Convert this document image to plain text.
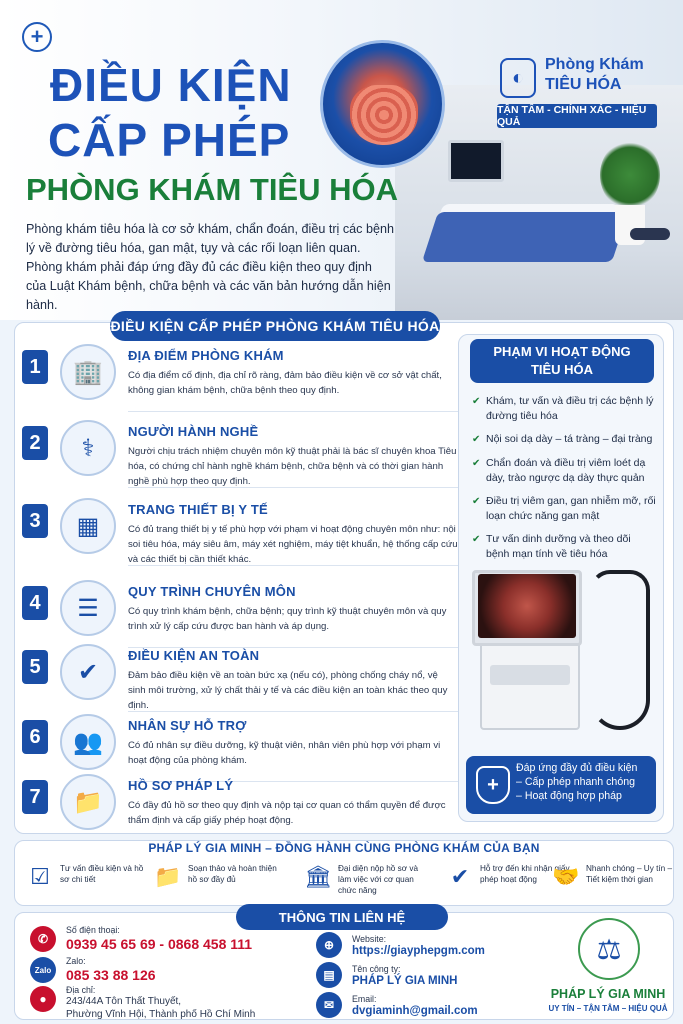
+
ĐIỀU KIỆN
CẤP PHÉP
PHÒNG KHÁM TIÊU HÓA
◐
Phòng Khám
TIÊU HÓA
TẬN TÂM - CHÍNH XÁC - HIỆU QUẢ
Phòng khám tiêu hóa là cơ sở khám, chẩn đoán, điều trị các bệnh lý về đường tiêu hóa, gan mật, tụy và các rối loạn liên quan. Phòng khám phải đáp ứng đầy đủ các điều kiện theo quy định của Luật Khám bệnh, chữa bệnh và các văn bản hướng dẫn hiện hành.
ĐIỀU KIỆN CẤP PHÉP PHÒNG KHÁM TIÊU HÓA
1	🏢
ĐỊA ĐIỂM PHÒNG KHÁM
Có địa điểm cố định, địa chỉ rõ ràng, đảm bảo điều kiện về cơ sở vật chất, không gian khám bệnh, chữa bệnh theo quy định.
2	⚕
NGƯỜI HÀNH NGHỀ
Người chịu trách nhiệm chuyên môn kỹ thuật phải là bác sĩ chuyên khoa Tiêu hóa, có chứng chỉ hành nghề khám bệnh, chữa bệnh và có thời gian hành nghề phù hợp theo quy định.
3	▦
TRANG THIẾT BỊ Y TẾ
Có đủ trang thiết bị y tế phù hợp với phạm vi hoạt động chuyên môn như: nội soi tiêu hóa, máy siêu âm, máy xét nghiệm, máy tiệt khuẩn, hệ thống cấp cứu và các thiết bị cần thiết khác.
4	☰
QUY TRÌNH CHUYÊN MÔN
Có quy trình khám bệnh, chữa bệnh; quy trình kỹ thuật chuyên môn và quy trình xử lý cấp cứu được ban hành và áp dụng.
5	✔
ĐIỀU KIỆN AN TOÀN
Đảm bảo điều kiện về an toàn bức xạ (nếu có), phòng chống cháy nổ, vệ sinh môi trường, xử lý chất thải y tế và các điều kiện an toàn khác theo quy định.
6	👥
NHÂN SỰ HỖ TRỢ
Có đủ nhân sự điều dưỡng, kỹ thuật viên, nhân viên phù hợp với phạm vi hoạt động của phòng khám.
7	📁
HỒ SƠ PHÁP LÝ
Có đầy đủ hồ sơ theo quy định và nộp tại cơ quan có thẩm quyền để được thẩm định và cấp giấy phép hoạt động.
PHẠM VI HOẠT ĐỘNG
TIÊU HÓA
✔ Khám, tư vấn và điều trị các bệnh lý đường tiêu hóa
✔ Nội soi dạ dày – tá tràng – đại tràng
✔ Chẩn đoán và điều trị viêm loét dạ dày, trào ngược dạ dày thực quản
✔ Điều trị viêm gan, gan nhiễm mỡ, rối loạn chức năng gan mật
✔ Tư vấn dinh dưỡng và theo dõi bệnh mạn tính về tiêu hóa
+
Đáp ứng đầy đủ điều kiện
– Cấp phép nhanh chóng
– Hoạt động hợp pháp
PHÁP LÝ GIA MINH – ĐỒNG HÀNH CÙNG PHÒNG KHÁM CỦA BẠN
☑	Tư vấn điều kiện và hồ sơ chi tiết	📁 Soạn thảo và hoàn thiện hồ sơ đầy đủ	🏛 Đại diện nộp hồ sơ và làm việc với cơ quan chức năng
✔	Hỗ trợ đến khi nhận giấy phép hoạt động 🤝 Nhanh chóng – Uy tín – Tiết kiệm thời gian
THÔNG TIN LIÊN HỆ
✆
Số điện thoại:
0939 45 65 69 - 0868 458 111
Zalo
Zalo:
085 33 88 126
●
Địa chỉ:
243/44A Tôn Thất Thuyết,
Phường Vĩnh Hội, Thành phố Hồ Chí Minh
⊕	Website:
https://giayphepgm.com
▤	Tên công ty:
PHÁP LÝ GIA MINH
✉	Email:
dvgiaminh@gmail.com
⚖
PHÁP LÝ GIA MINH
UY TÍN – TẬN TÂM – HIỆU QUẢ
